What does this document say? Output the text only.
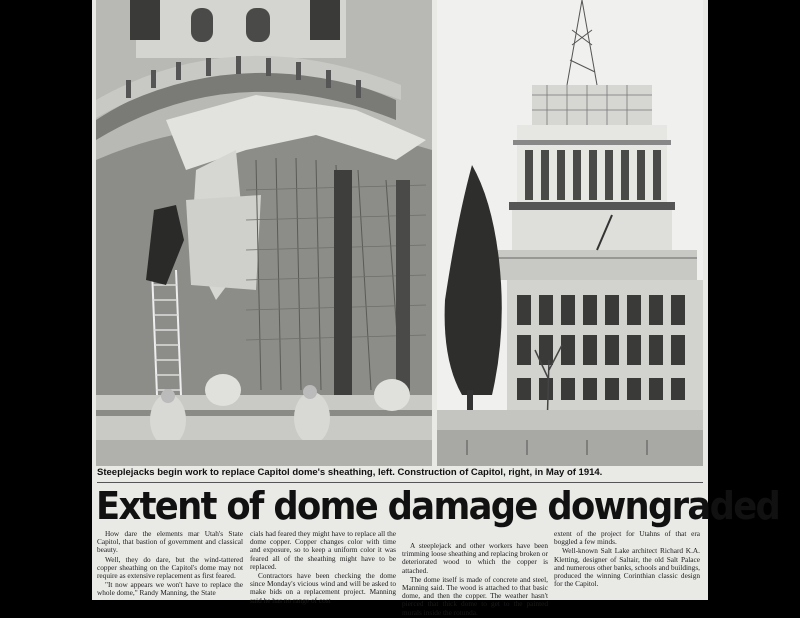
Steeplejacks begin work to replace Capitol dome's sheathing, left. Construction of Capitol, right, in May of 1914.
Extent of dome damage downgraded

How dare the elements mar Utah's State Capitol, that bastion of government and classical beauty.

Well, they do dare, but the wind-tattered copper sheathing on the Capitol's dome may not require as extensive replacement as first feared.

"It now appears we won't have to replace the whole dome," Randy Manning, the State

cials had feared they might have to replace all the dome copper. Copper changes color with time and exposure, so to keep a uniform color it was feared all of the sheathing might have to be replaced.

Contractors have been checking the dome since Monday's vicious wind and will be asked to make bids on a replacement project. Manning said he has no range of cost

A steeplejack and other workers have been trimming loose sheathing and replacing broken or deteriorated wood to which the copper is attached.

The dome itself is made of concrete and steel, Manning said. The wood is attached to that basic dome, and then the copper. The weather hasn't pierced that thick dome to get to the painted murals inside the rotunda.

extent of the project for Utahns of that era boggled a few minds.

Well-known Salt Lake architect Richard K.A. Kletting, designer of Saltair, the old Salt Palace and numerous other banks, schools and buildings, produced the winning Corinthian classic design for the Capitol.
